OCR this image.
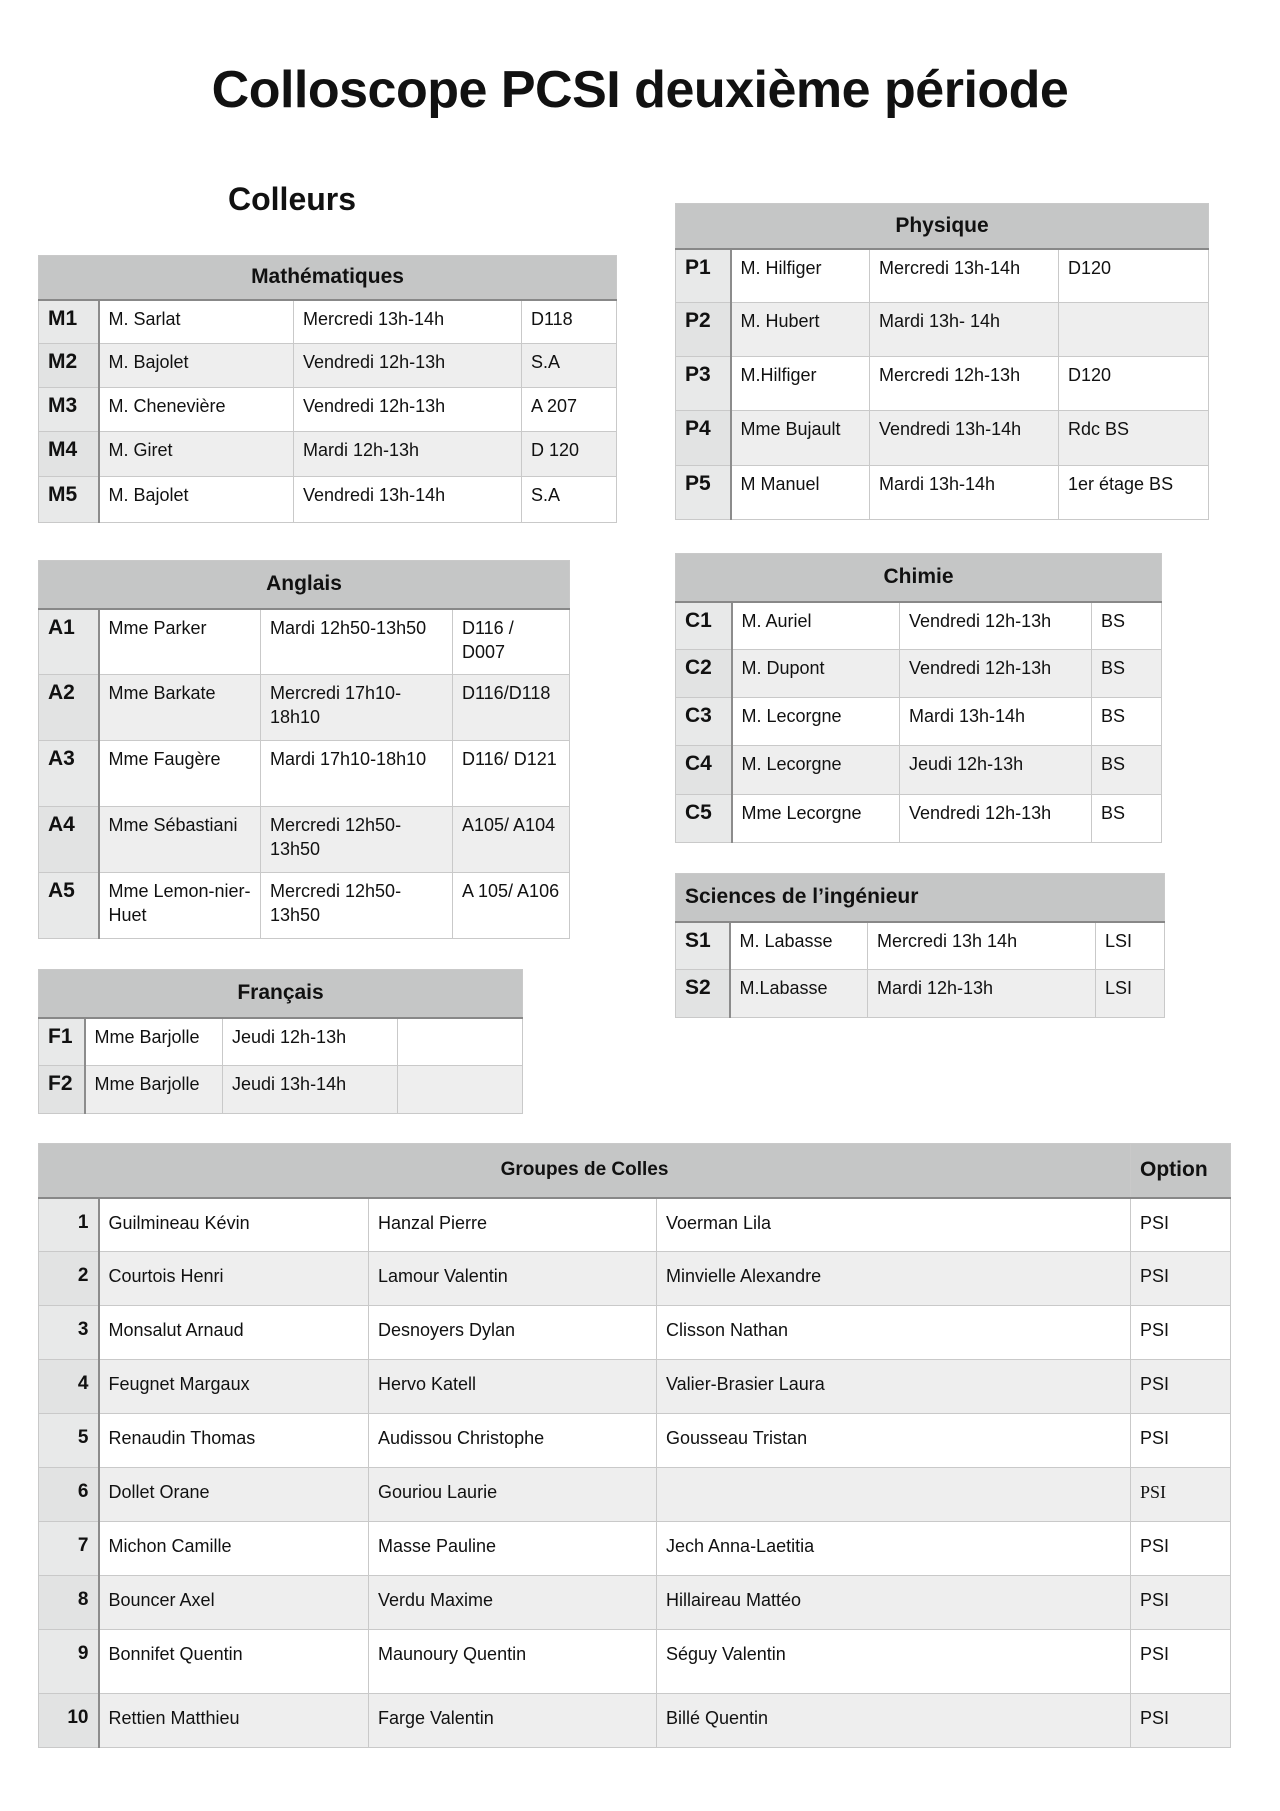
Colloscope PCSI deuxième période
Colleurs
Mathématiques			
M1	M. Sarlat	Mercredi 13h-14h	D118
M2	M. Bajolet	Vendredi 12h-13h	S.A
M3	M. Chenevière	Vendredi 12h-13h	A 207
M4	M. Giret	Mardi 12h-13h	D 120
M5	M. Bajolet	Vendredi 13h-14h	S.A
Physique			
P1	M. Hilfiger	Mercredi 13h-14h	D120
P2	M. Hubert	Mardi 13h- 14h	
P3	M.Hilfiger	Mercredi 12h-13h	D120
P4	Mme Bujault	Vendredi 13h-14h	Rdc BS
P5	M Manuel	Mardi 13h-14h	1er étage BS
Anglais			
A1	Mme Parker	Mardi 12h50-13h50	D116 / D007
A2	Mme Barkate	Mercredi 17h10-18h10	D116/D118
A3	Mme Faugère	Mardi 17h10-18h10	D116/ D121
A4	Mme Sébastiani	Mercredi 12h50-13h50	A105/ A104
A5	Mme Lemon-nier-Huet	Mercredi 12h50-13h50	A 105/ A106
Chimie			
C1	M. Auriel	Vendredi 12h-13h	BS
C2	M. Dupont	Vendredi 12h-13h	BS
C3	M. Lecorgne	Mardi 13h-14h	BS
C4	M. Lecorgne	Jeudi 12h-13h	BS
C5	Mme Lecorgne	Vendredi 12h-13h	BS
Sciences de l’ingénieur			
S1	M. Labasse	Mercredi 13h 14h	LSI
S2	M.Labasse	Mardi 12h-13h	LSI
Français			
F1	Mme Barjolle	Jeudi 12h-13h	
F2	Mme Barjolle	Jeudi 13h-14h	
Groupes de Colles				Option
1	Guilmineau Kévin	Hanzal Pierre	Voerman Lila	PSI
2	Courtois Henri	Lamour Valentin	Minvielle Alexandre	PSI
3	Monsalut Arnaud	Desnoyers Dylan	Clisson Nathan	PSI
4	Feugnet Margaux	Hervo Katell	Valier-Brasier Laura	PSI
5	Renaudin Thomas	Audissou Christophe	Gousseau Tristan	PSI
6	Dollet Orane	Gouriou Laurie		PSI
7	Michon Camille	Masse Pauline	Jech Anna-Laetitia	PSI
8	Bouncer Axel	Verdu Maxime	Hillaireau Mattéo	PSI
9	Bonnifet Quentin	Maunoury Quentin	Séguy Valentin	PSI
10	Rettien Matthieu	Farge Valentin	Billé Quentin	PSI
